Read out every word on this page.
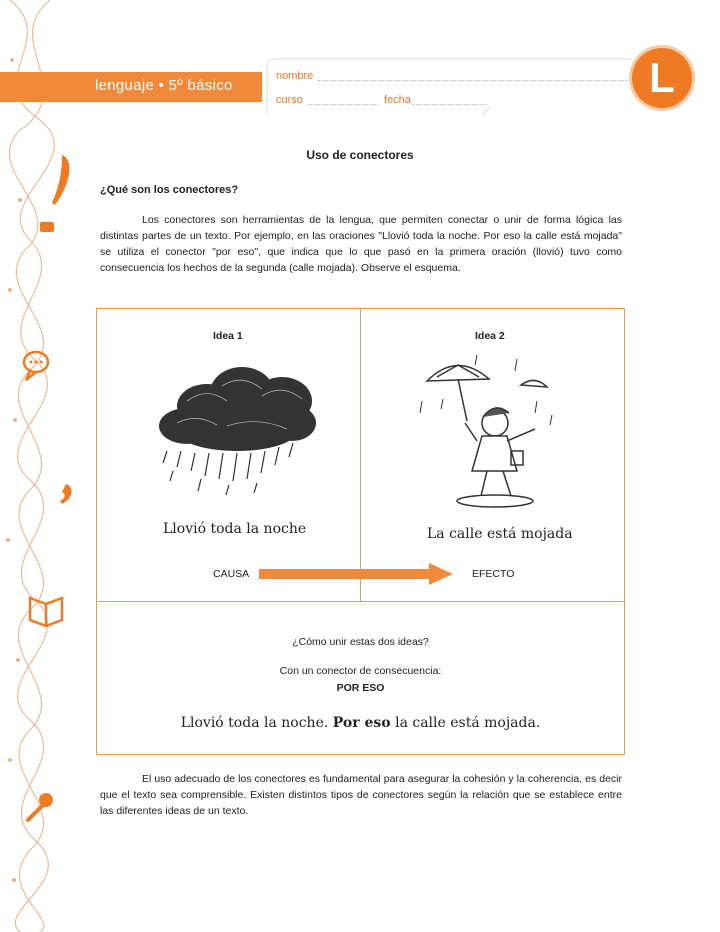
lenguaje • 5º básico
nombre
curso	fecha	L
Uso de conectores
¿Qué son los conectores?
Los conectores son herramientas de la lengua, que permiten conectar o unir de forma lógica las distintas partes de un texto. Por ejemplo, en las oraciones "Llovió toda la noche. Por eso la calle está mojada" se utiliza el conector "por eso", que indica que lo que pasó en la primera oración (llovió) tuvo como consecuencia los hechos de la segunda (calle mojada). Observe el esquema.
Idea 1	Idea 2
Llovió toda la noche	La calle está mojada
CAUSA	EFECTO
¿Cómo unir estas dos ideas?
Con un conector de consecuencia:
POR ESO
Llovió toda la noche. Por eso la calle está mojada.
El uso adecuado de los conectores es fundamental para asegurar la cohesión y la coherencia, es decir que el texto sea comprensible. Existen distintos tipos de conectores según la relación que se establece entre las diferentes ideas de un texto.
